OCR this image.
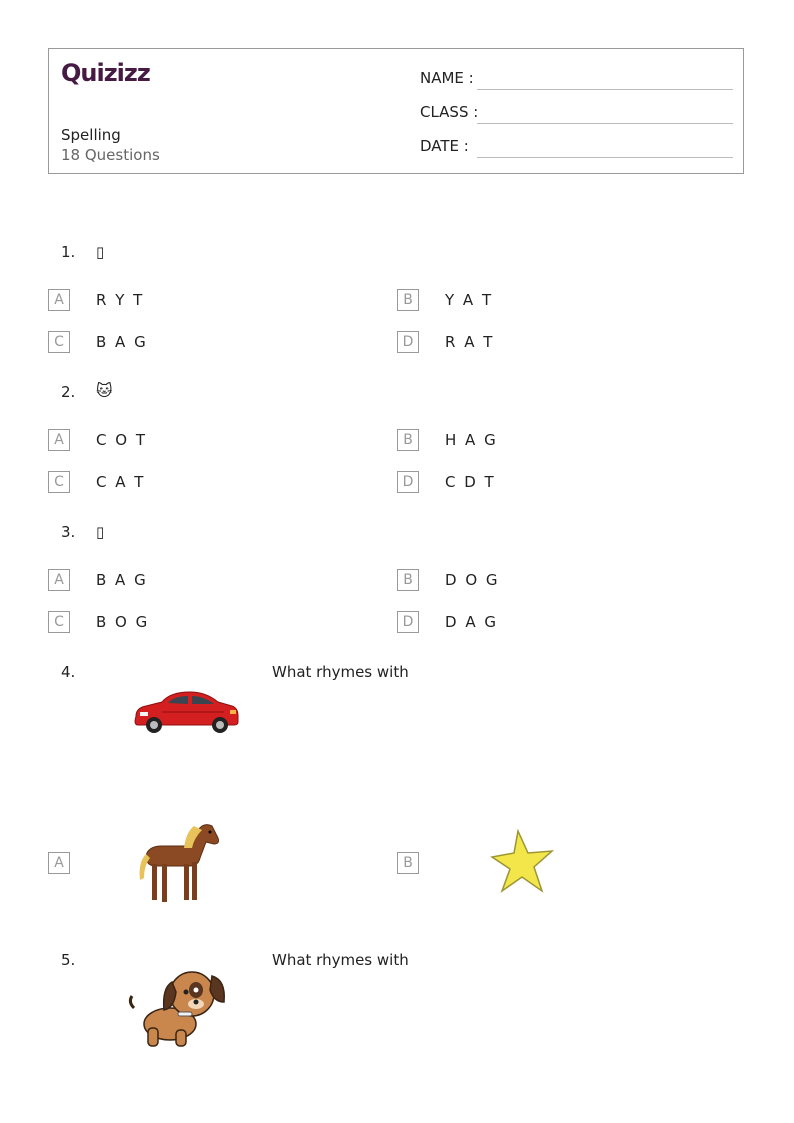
Quizizz
Spelling
18 Questions
NAME :
CLASS :
DATE :
1. ▯
A	R Y T	B	Y A T
C	B A G	D	R A T
2. 🐱
A	C O T	B	H A G
C	C A T	D	C D T
3. ▯
A	B A G	B	D O G
C	B O G	D	D A G
4.	What rhymes with
A	B
5.	What rhymes with
